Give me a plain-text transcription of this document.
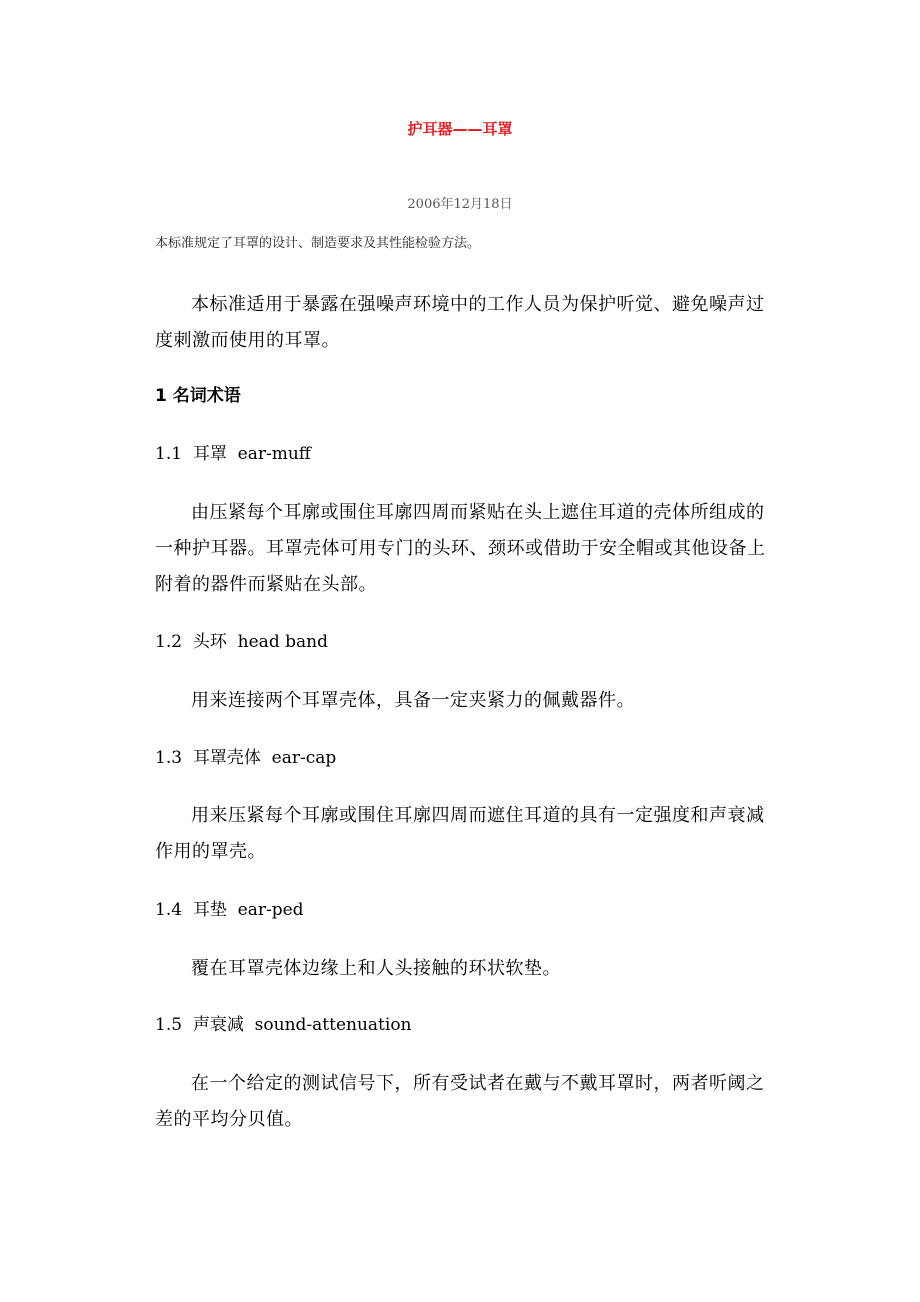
护耳器——耳罩
2006年12月18日
本标准规定了耳罩的设计、制造要求及其性能检验方法。

本标准适用于暴露在强噪声环境中的工作人员为保护听觉、避免噪声过度刺激而使用的耳罩。

1 名词术语
1.1 耳罩 ear-muff

由压紧每个耳廓或围住耳廓四周而紧贴在头上遮住耳道的壳体所组成的一种护耳器。耳罩壳体可用专门的头环、颈环或借助于安全帽或其他设备上附着的器件而紧贴在头部。

1.2 头环 head band

用来连接两个耳罩壳体，具备一定夹紧力的佩戴器件。

1.3 耳罩壳体 ear-cap

用来压紧每个耳廓或围住耳廓四周而遮住耳道的具有一定强度和声衰减作用的罩壳。

1.4 耳垫 ear-ped

覆在耳罩壳体边缘上和人头接触的环状软垫。

1.5 声衰减 sound-attenuation

在一个给定的测试信号下，所有受试者在戴与不戴耳罩时，两者听阈之差的平均分贝值。
